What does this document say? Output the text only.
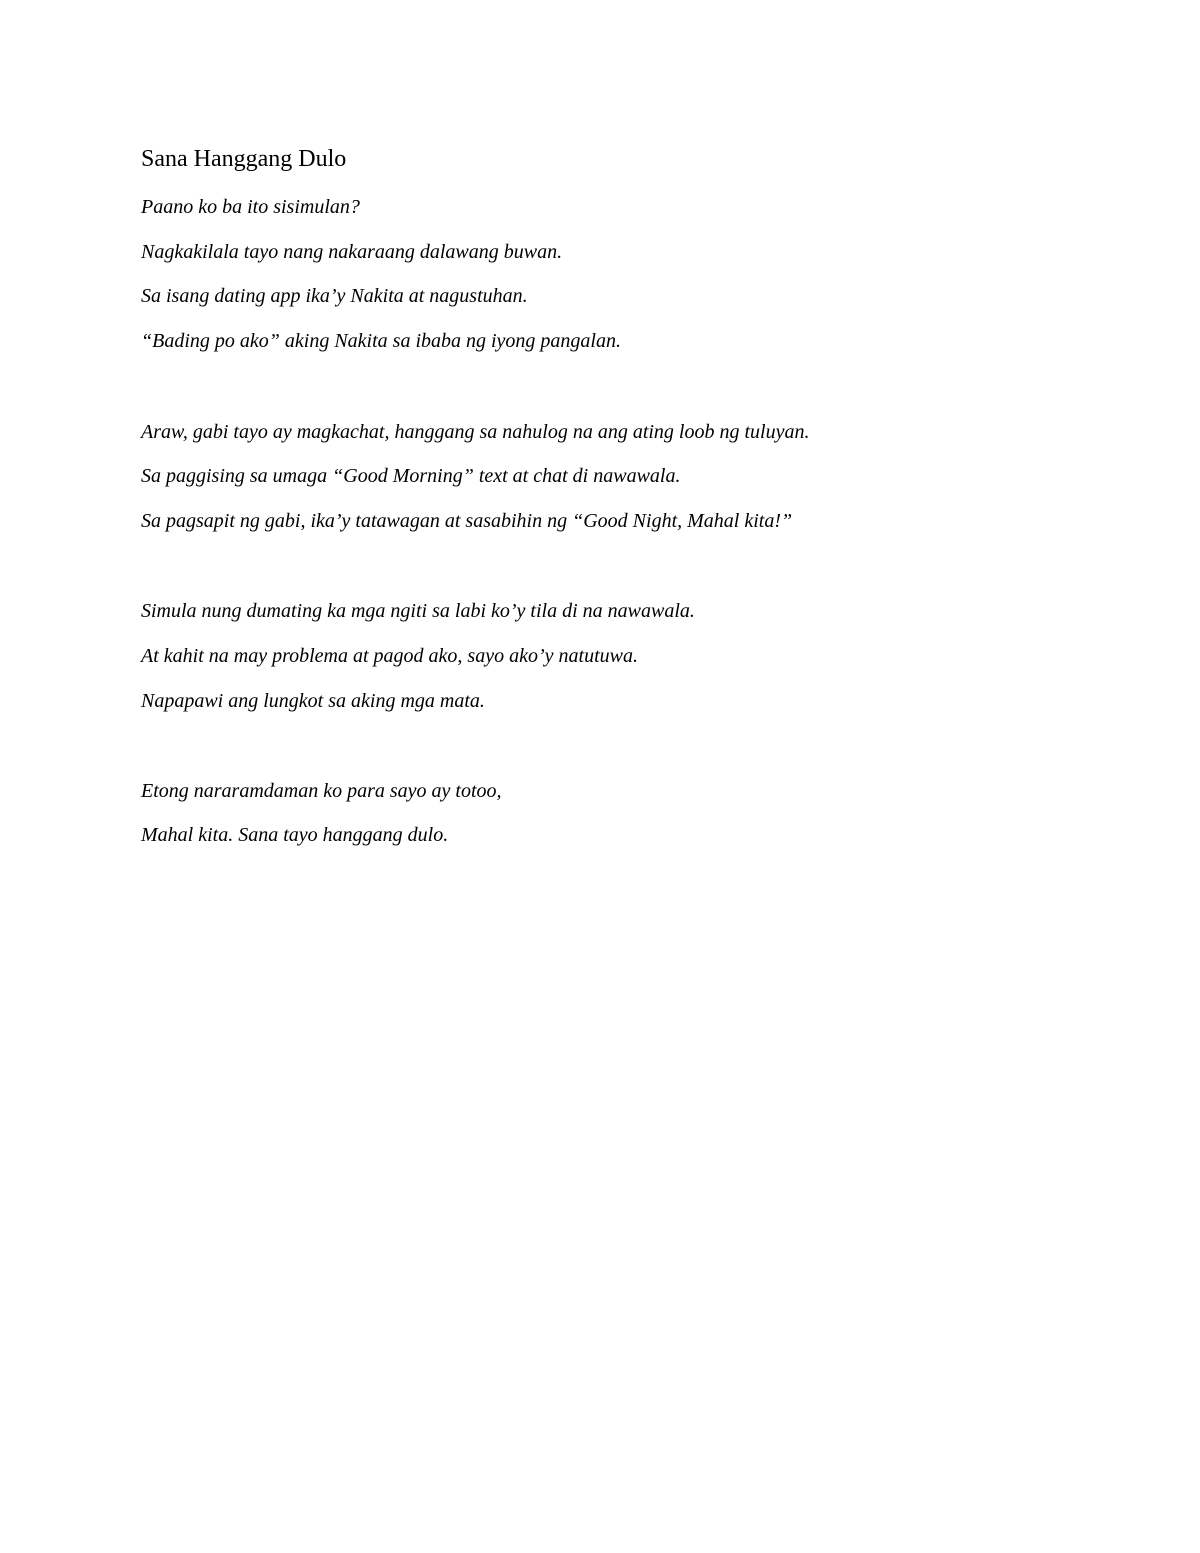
Sana Hanggang Dulo

Paano ko ba ito sisimulan?

Nagkakilala tayo nang nakaraang dalawang buwan.

Sa isang dating app ika’y Nakita at nagustuhan.

“Bading po ako” aking Nakita sa ibaba ng iyong pangalan.

Araw, gabi tayo ay magkachat, hanggang sa nahulog na ang ating loob ng tuluyan.

Sa paggising sa umaga “Good Morning” text at chat di nawawala.

Sa pagsapit ng gabi, ika’y tatawagan at sasabihin ng “Good Night, Mahal kita!”

Simula nung dumating ka mga ngiti sa labi ko’y tila di na nawawala.

At kahit na may problema at pagod ako, sayo ako’y natutuwa.

Napapawi ang lungkot sa aking mga mata.

Etong nararamdaman ko para sayo ay totoo,

Mahal kita. Sana tayo hanggang dulo.
